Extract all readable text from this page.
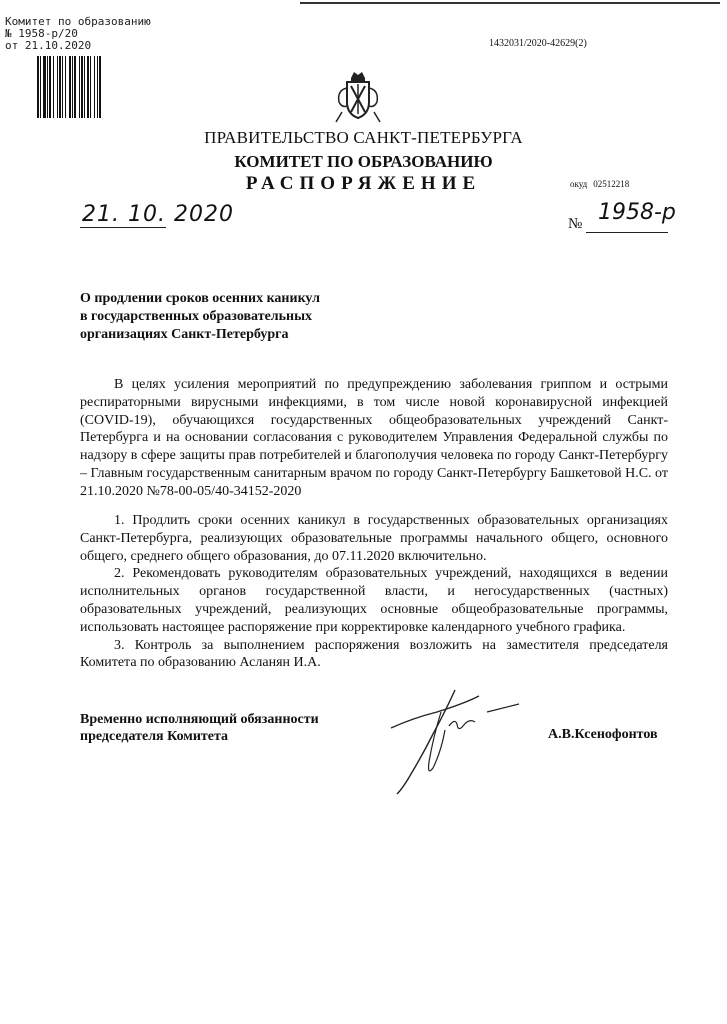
Комитет по образованию
№ 1958-р/20
от 21.10.2020	1432031/2020-42629(2)
ПРАВИТЕЛЬСТВО САНКТ-ПЕТЕРБУРГА
КОМИТЕТ ПО ОБРАЗОВАНИЮ
РАСПОРЯЖЕНИЕ	окуд 02512218
21. 10. 2020	№ 1958-р
О продлении сроков осенних каникул
в государственных образовательных
организациях Санкт-Петербурга

В целях усиления мероприятий по предупреждению заболевания гриппом и острыми респираторными вирусными инфекциями, в том числе новой коронавирусной инфекцией (COVID-19), обучающихся государственных общеобразовательных учреждений Санкт-Петербурга и на основании согласования с руководителем Управления Федеральной службы по надзору в сфере защиты прав потребителей и благополучия человека по городу Санкт-Петербургу – Главным государственным санитарным врачом по городу Санкт-Петербургу Башкетовой Н.С. от 21.10.2020 №78-00-05/40-34152-2020

1. Продлить сроки осенних каникул в государственных образовательных организациях Санкт-Петербурга, реализующих образовательные программы начального общего, основного общего, среднего общего образования, до 07.11.2020 включительно.

2. Рекомендовать руководителям образовательных учреждений, находящихся в ведении исполнительных органов государственной власти, и негосударственных (частных) образовательных учреждений, реализующих основные общеобразовательные программы, использовать настоящее распоряжение при корректировке календарного учебного графика.

3. Контроль за выполнением распоряжения возложить на заместителя председателя Комитета по образованию Асланян И.А.

Временно исполняющий обязанности
председателя Комитета	А.В.Ксенофонтов
